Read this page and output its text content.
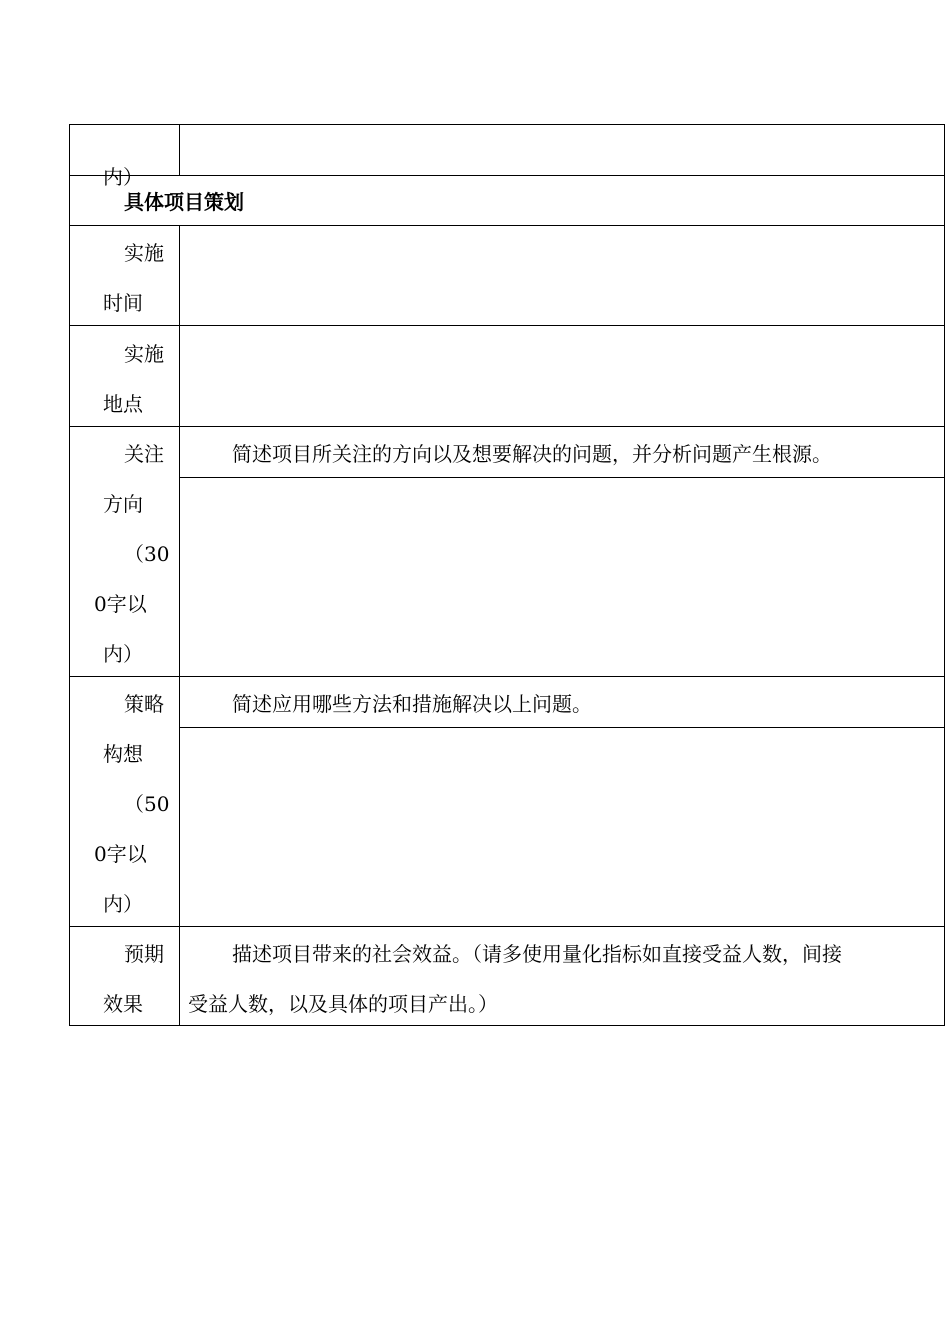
内）
具体项目策划
实施
时间
实施
地点
关注
方向
（30
0字以
内）
简述项目所关注的方向以及想要解决的问题，并分析问题产生根源。
策略
构想
（50
0字以
内）
简述应用哪些方法和措施解决以上问题。
预期
效果
描述项目带来的社会效益。（请多使用量化指标如直接受益人数，间接
受益人数，以及具体的项目产出。）
